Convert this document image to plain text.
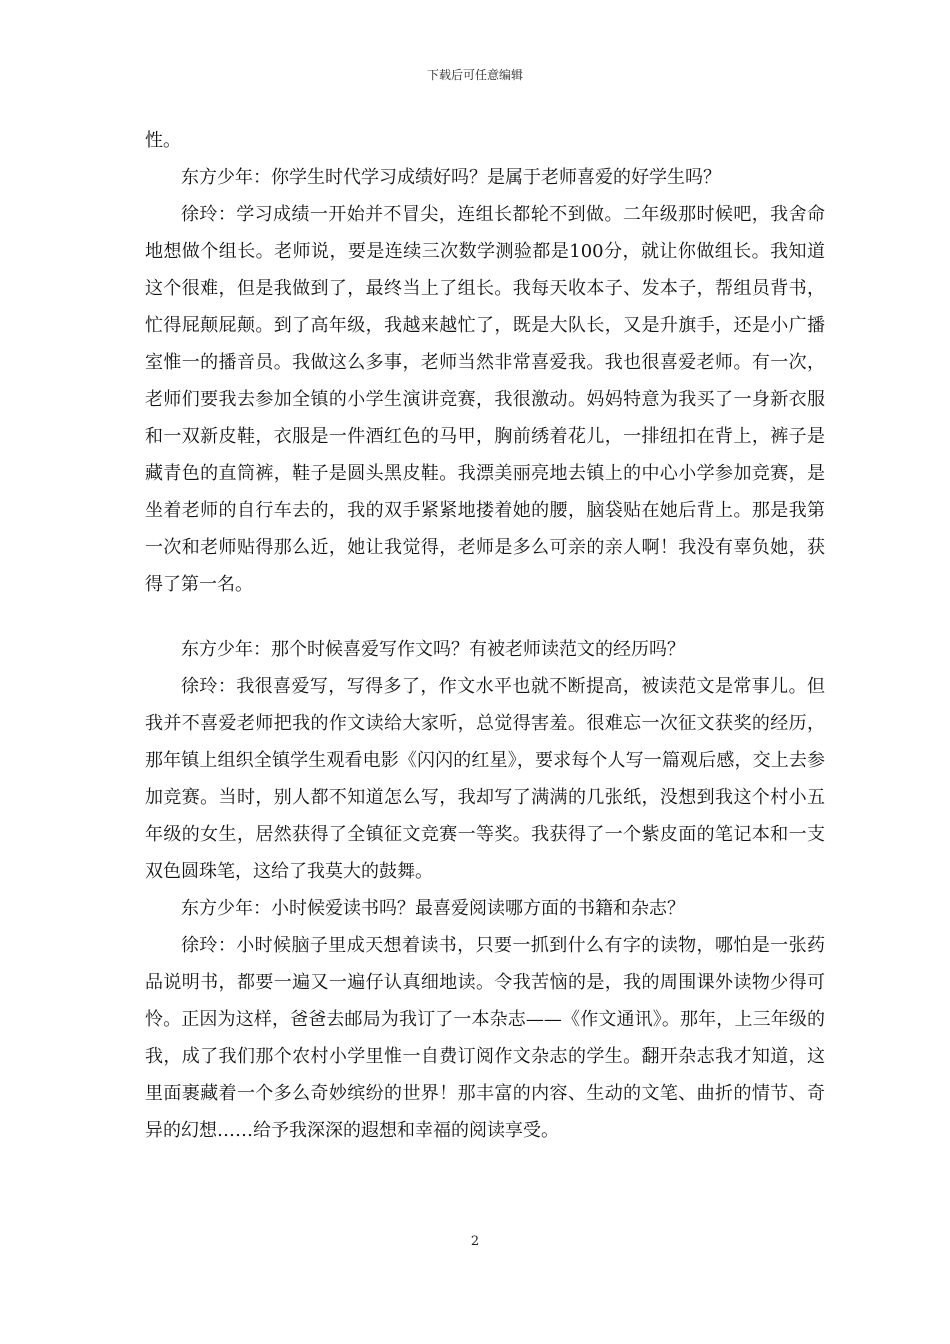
下载后可任意编辑

性。

东方少年：你学生时代学习成绩好吗？是属于老师喜爱的好学生吗？

徐玲：学习成绩一开始并不冒尖，连组长都轮不到做。二年级那时候吧，我舍命地想做个组长。老师说，要是连续三次数学测验都是100分，就让你做组长。我知道这个很难，但是我做到了，最终当上了组长。我每天收本子、发本子，帮组员背书，忙得屁颠屁颠。到了高年级，我越来越忙了，既是大队长，又是升旗手，还是小广播室惟一的播音员。我做这么多事，老师当然非常喜爱我。我也很喜爱老师。有一次，老师们要我去参加全镇的小学生演讲竞赛，我很激动。妈妈特意为我买了一身新衣服和一双新皮鞋，衣服是一件酒红色的马甲，胸前绣着花儿，一排纽扣在背上，裤子是藏青色的直筒裤，鞋子是圆头黑皮鞋。我漂美丽亮地去镇上的中心小学参加竞赛，是坐着老师的自行车去的，我的双手紧紧地搂着她的腰，脑袋贴在她后背上。那是我第一次和老师贴得那么近，她让我觉得，老师是多么可亲的亲人啊！我没有辜负她，获得了第一名。

东方少年：那个时候喜爱写作文吗？有被老师读范文的经历吗？

徐玲：我很喜爱写，写得多了，作文水平也就不断提高，被读范文是常事儿。但我并不喜爱老师把我的作文读给大家听，总觉得害羞。很难忘一次征文获奖的经历，那年镇上组织全镇学生观看电影《闪闪的红星》，要求每个人写一篇观后感，交上去参加竞赛。当时，别人都不知道怎么写，我却写了满满的几张纸，没想到我这个村小五年级的女生，居然获得了全镇征文竞赛一等奖。我获得了一个紫皮面的笔记本和一支双色圆珠笔，这给了我莫大的鼓舞。

东方少年：小时候爱读书吗？最喜爱阅读哪方面的书籍和杂志？

徐玲：小时候脑子里成天想着读书，只要一抓到什么有字的读物，哪怕是一张药品说明书，都要一遍又一遍仔认真细地读。令我苦恼的是，我的周围课外读物少得可怜。正因为这样，爸爸去邮局为我订了一本杂志——《作文通讯》。那年，上三年级的我，成了我们那个农村小学里惟一自费订阅作文杂志的学生。翻开杂志我才知道，这里面裹藏着一个多么奇妙缤纷的世界！那丰富的内容、生动的文笔、曲折的情节、奇异的幻想……给予我深深的遐想和幸福的阅读享受。

2
